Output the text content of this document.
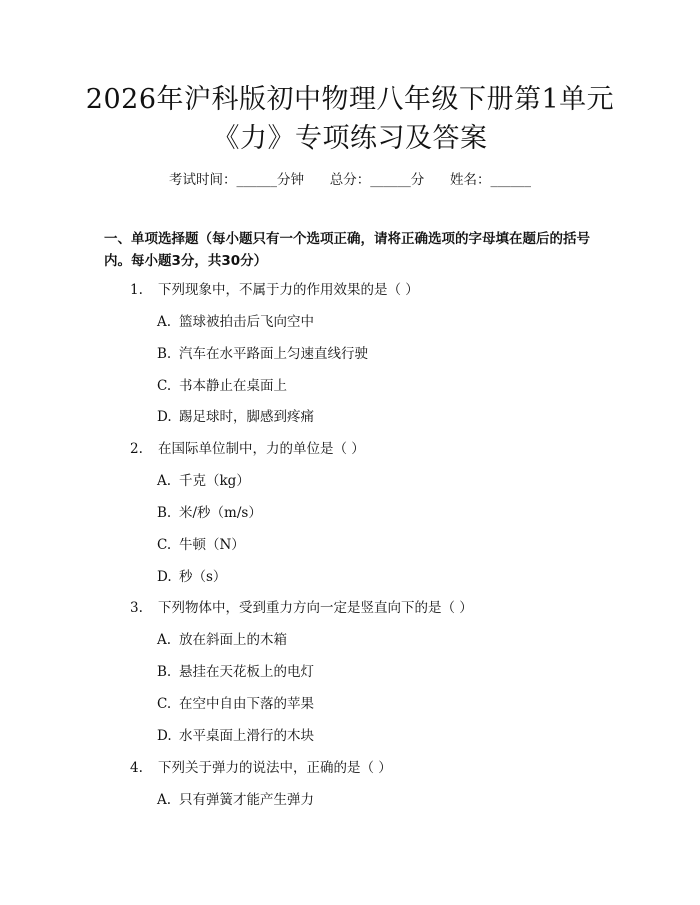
2026年沪科版初中物理八年级下册第1单元
《力》专项练习及答案
考试时间：______分钟      总分：______分      姓名：______
一、单项选择题（每小题只有一个选项正确，请将正确选项的字母填在题后的括号内。每小题3分，共30分）
1. 下列现象中，不属于力的作用效果的是（ ）
A. 篮球被拍击后飞向空中
B. 汽车在水平路面上匀速直线行驶
C. 书本静止在桌面上
D. 踢足球时，脚感到疼痛
2. 在国际单位制中，力的单位是（ ）
A. 千克（kg）
B. 米/秒（m/s）
C. 牛顿（N）
D. 秒（s）
3. 下列物体中，受到重力方向一定是竖直向下的是（ ）
A. 放在斜面上的木箱
B. 悬挂在天花板上的电灯
C. 在空中自由下落的苹果
D. 水平桌面上滑行的木块
4. 下列关于弹力的说法中，正确的是（ ）
A. 只有弹簧才能产生弹力
